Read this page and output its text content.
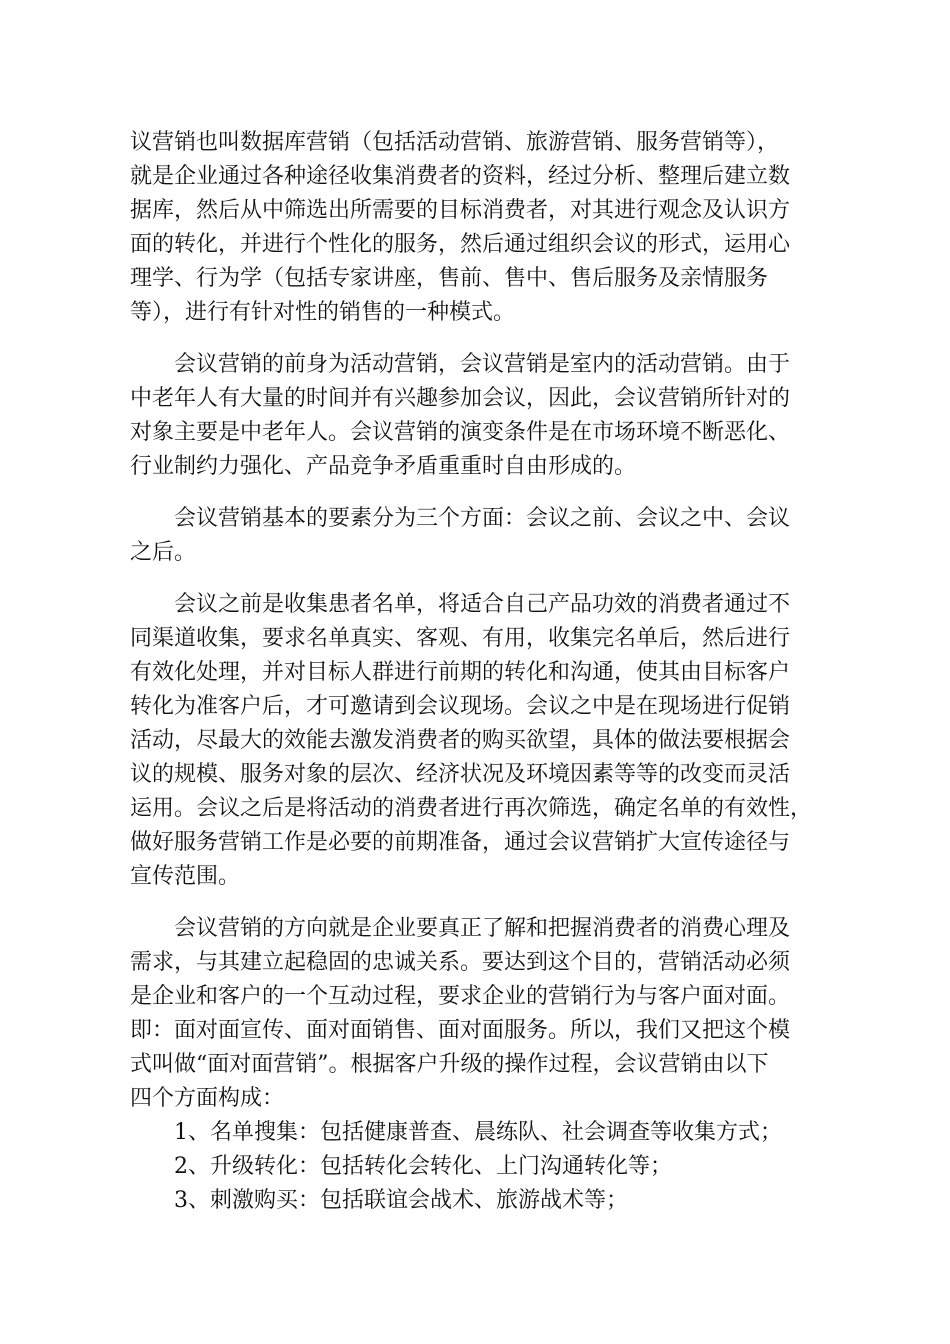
议营销也叫数据库营销（包括活动营销、旅游营销、服务营销等），
就是企业通过各种途径收集消费者的资料，经过分析、整理后建立数
据库，然后从中筛选出所需要的目标消费者，对其进行观念及认识方
面的转化，并进行个性化的服务，然后通过组织会议的形式，运用心
理学、行为学（包括专家讲座，售前、售中、售后服务及亲情服务
等），进行有针对性的销售的一种模式。
会议营销的前身为活动营销，会议营销是室内的活动营销。由于
中老年人有大量的时间并有兴趣参加会议，因此，会议营销所针对的
对象主要是中老年人。会议营销的演变条件是在市场环境不断恶化、
行业制约力强化、产品竞争矛盾重重时自由形成的。
会议营销基本的要素分为三个方面：会议之前、会议之中、会议
之后。
会议之前是收集患者名单，将适合自己产品功效的消费者通过不
同渠道收集，要求名单真实、客观、有用，收集完名单后，然后进行
有效化处理，并对目标人群进行前期的转化和沟通，使其由目标客户
转化为准客户后，才可邀请到会议现场。会议之中是在现场进行促销
活动，尽最大的效能去激发消费者的购买欲望，具体的做法要根据会
议的规模、服务对象的层次、经济状况及环境因素等等的改变而灵活
运用。会议之后是将活动的消费者进行再次筛选，确定名单的有效性，
做好服务营销工作是必要的前期准备，通过会议营销扩大宣传途径与
宣传范围。
会议营销的方向就是企业要真正了解和把握消费者的消费心理及
需求，与其建立起稳固的忠诚关系。要达到这个目的，营销活动必须
是企业和客户的一个互动过程，要求企业的营销行为与客户面对面。
即：面对面宣传、面对面销售、面对面服务。所以，我们又把这个模
式叫做“面对面营销”。根据客户升级的操作过程，会议营销由以下
四个方面构成：
1、名单搜集：包括健康普查、晨练队、社会调查等收集方式；
2、升级转化：包括转化会转化、上门沟通转化等；
3、刺激购买：包括联谊会战术、旅游战术等；
